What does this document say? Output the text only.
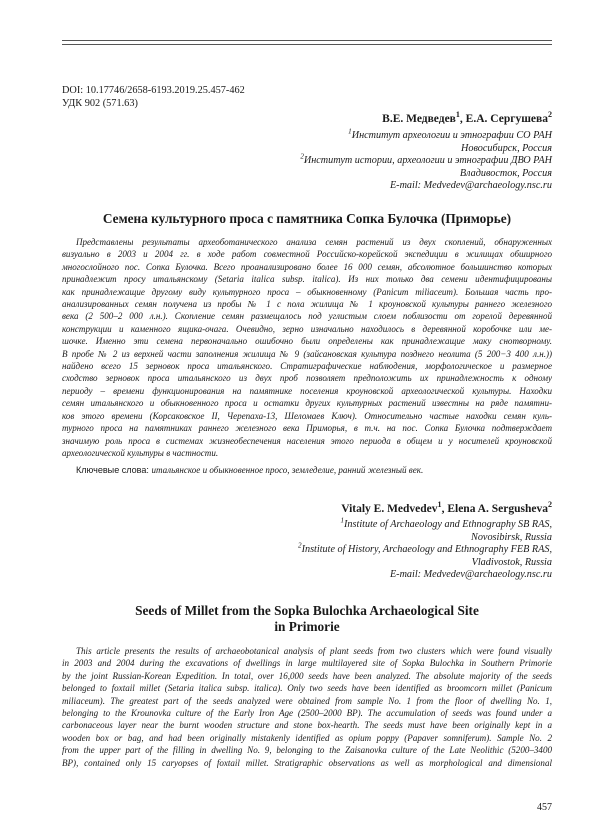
DOI: 10.17746/2658-6193.2019.25.457-462
УДК 902 (571.63)
В.Е. Медведев$^1$, Е.А. Сергушева$^2$
$^1$Институт археологии и этнографии СО РАН
Новосибирск, Россия
$^2$Институт истории, археологии и этнографии ДВО РАН
Владивосток, Россия
E-mail: Medvedev@archaeology.nsc.ru
Семена культурного проса с памятника Сопка Булочка (Приморье)
Представлены результаты археоботанического анализа семян растений из двух скоплений, обнаруженных
визуально в 2003 и 2004 гг. в ходе работ совместной Российско-корейской экспедиции в жилищах обширного
многослойного пос. Сопка Булочка. Всего проанализировано более 16 000 семян, абсолютное большинство которых
принадлежит просу итальянскому (Setaria italica subsp. italica). Из них только два семени идентифицированы
как принадлежащие другому виду культурного проса – обыкновенному (Panicum miliaceum). Большая часть про-
анализированных семян получена из пробы № 1 с пола жилища № 1 кроуновской культуры раннего железного
века (2 500–2 000 л.н.). Скопление семян размещалось под углистым слоем поблизости от горелой деревянной
конструкции и каменного ящика-очага. Очевидно, зерно изначально находилось в деревянной коробочке или ме-
шочке. Именно эти семена первоначально ошибочно были определены как принадлежащие маку снотворному.
В пробе № 2 из верхней части заполнения жилища № 9 (зайсановская культура позднего неолита (5 200−3 400 л.н.))
найдено всего 15 зерновок проса итальянского. Стратиграфические наблюдения, морфологическое и размерное
сходство зерновок проса итальянского из двух проб позволяет предположить их принадлежность к одному
периоду – времени функционирования на памятнике поселения кроуновской археологической культуры. Находки
семян итальянского и обыкновенного проса и остатки других культурных растений известны на ряде памятни-
ков этого времени (Корсаковское II, Черепаха-13, Шеломаев Ключ). Относительно частые находки семян куль-
турного проса на памятниках раннего железного века Приморья, в т.ч. на пос. Сопка Булочка подтверждает
значимую роль проса в системах жизнеобеспечения населения этого периода в общем и у носителей кроуновской
археологической культуры в частности.
Ключевые слова: итальянское и обыкновенное просо, земледелие, ранний железный век.
Vitaly E. Medvedev$^1$, Elena A. Sergusheva$^2$
$^1$Institute of Archaeology and Ethnography SB RAS,
Novosibirsk, Russia
$^2$Institute of History, Archaeology and Ethnography FEB RAS,
Vladivostok, Russia
E-mail: Medvedev@archaeology.nsc.ru
Seeds of Millet from the Sopka Bulochka Archaeological Site
in Primorie
This article presents the results of archaeobotanical analysis of plant seeds from two clusters which were found visually
in 2003 and 2004 during the excavations of dwellings in large multilayered site of Sopka Bulochka in Southern Primorie
by the joint Russian-Korean Expedition. In total, over 16,000 seeds have been analyzed. The absolute majority of the seeds
belonged to foxtail millet (Setaria italica subsp. italica). Only two seeds have been identified as broomcorn millet (Panicum
miliaceum). The greatest part of the seeds analyzed were obtained from sample No. 1 from the floor of dwelling No. 1,
belonging to the Krounovka culture of the Early Iron Age (2500–2000 BP). The accumulation of seeds was found under a
carbonaceous layer near the burnt wooden structure and stone box-hearth. The seeds must have been originally kept in a
wooden box or bag, and had been originally mistakenly identified as opium poppy (Papaver somniferum). Sample No. 2
from the upper part of the filling in dwelling No. 9, belonging to the Zaisanovka culture of the Late Neolithic (5200–3400
BP), contained only 15 caryopses of foxtail millet. Stratigraphic observations as well as morphological and dimensional
457
